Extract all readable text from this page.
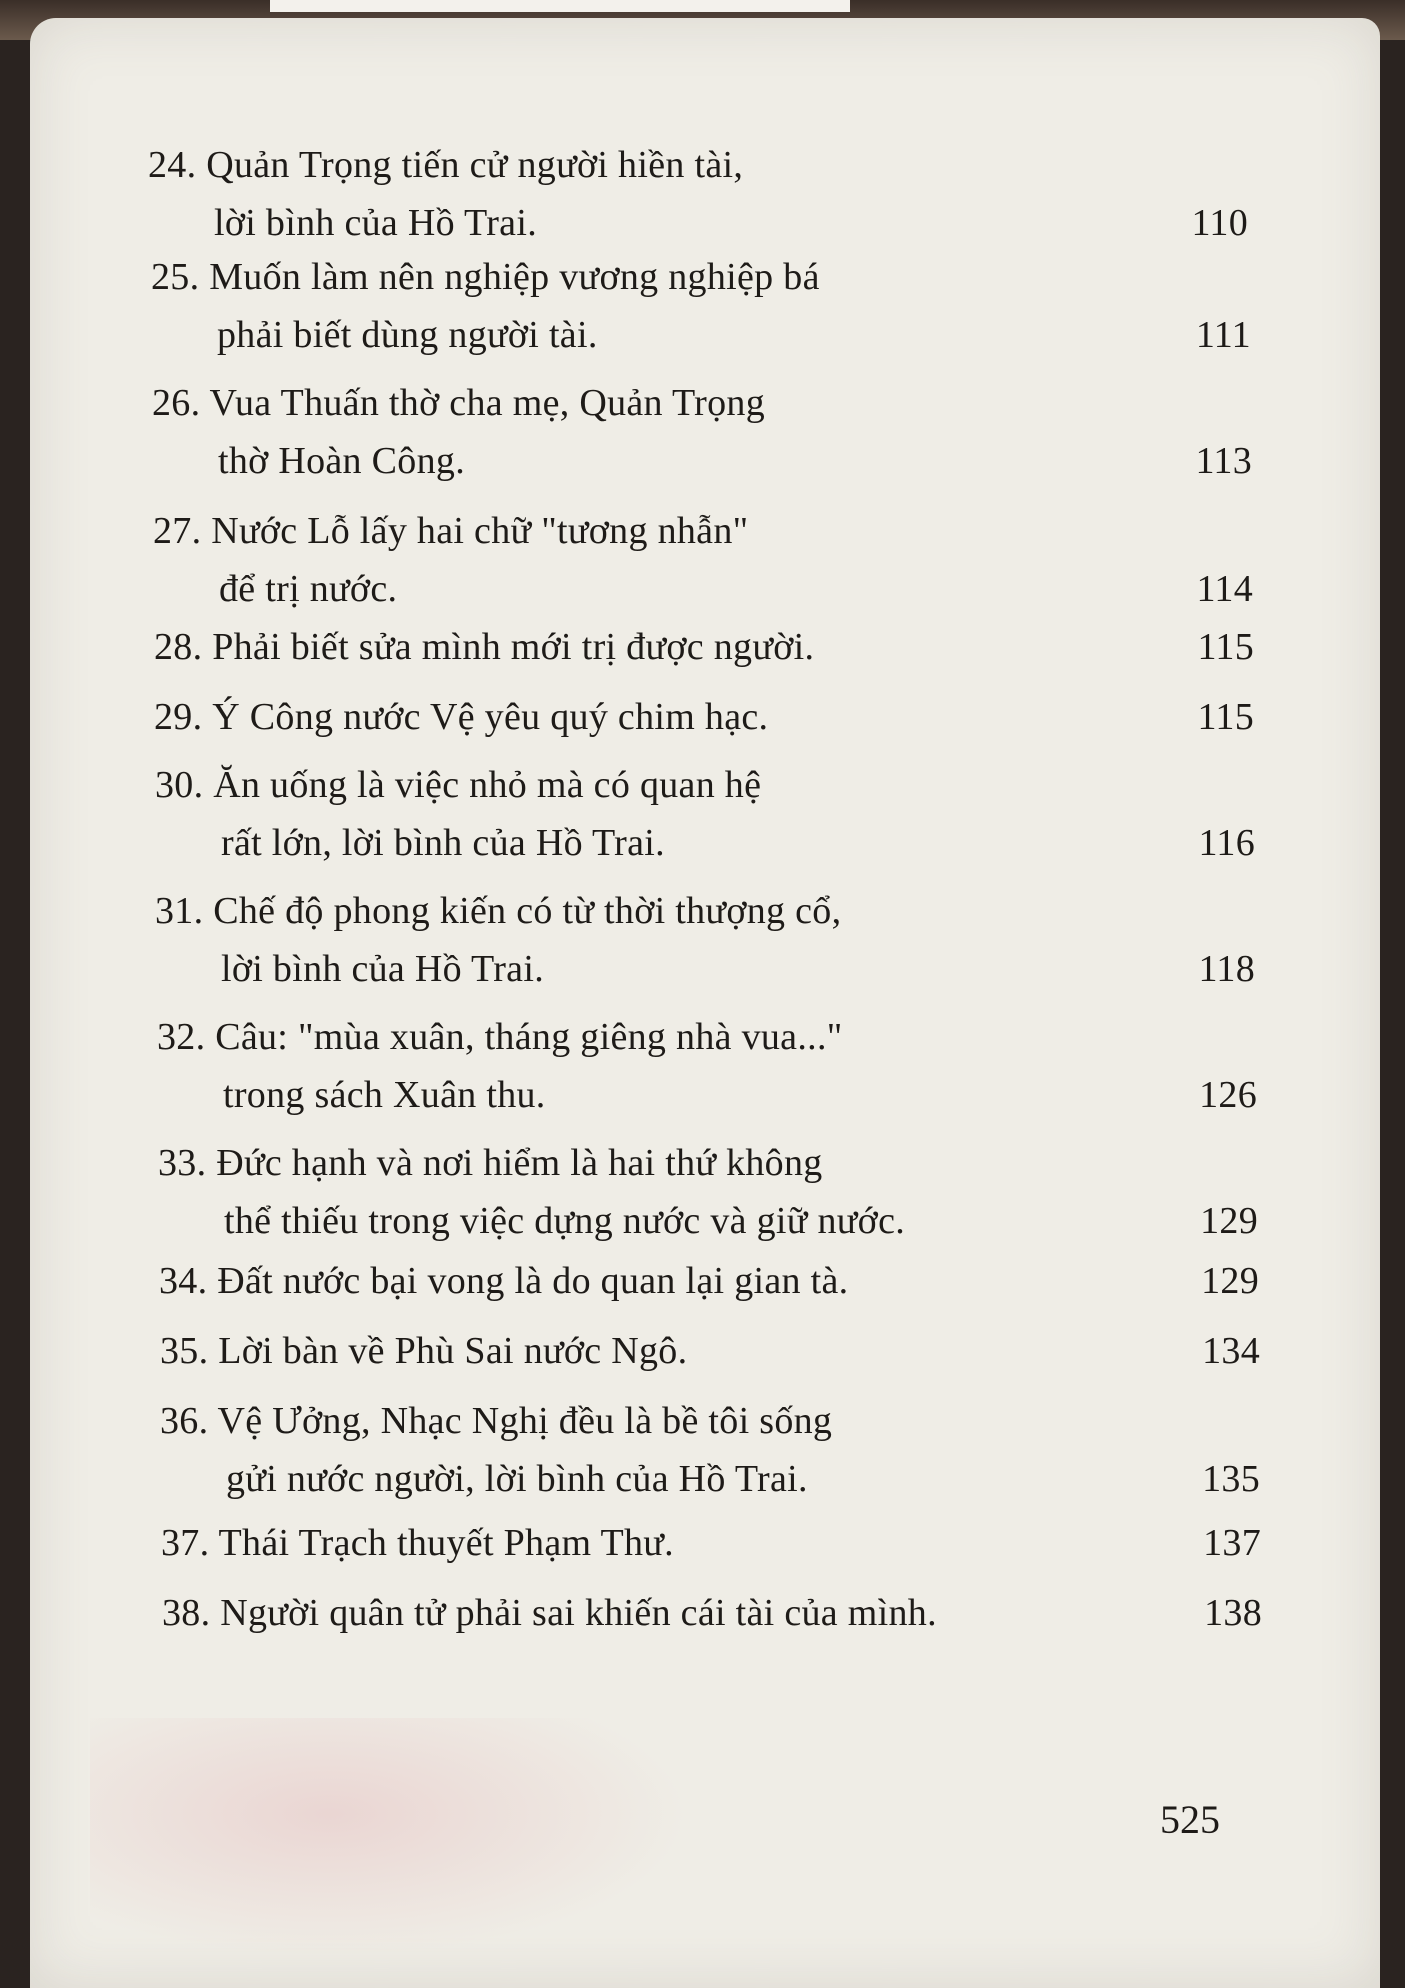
24. Quản Trọng tiến cử người hiền tài,
lời bình của Hồ Trai.	110
25. Muốn làm nên nghiệp vương nghiệp bá
phải biết dùng người tài.	111
26. Vua Thuấn thờ cha mẹ, Quản Trọng
thờ Hoàn Công.	113
27. Nước Lỗ lấy hai chữ "tương nhẫn"
để trị nước.	114
28. Phải biết sửa mình mới trị được người.	115
29. Ý Công nước Vệ yêu quý chim hạc.	115
30. Ăn uống là việc nhỏ mà có quan hệ
rất lớn, lời bình của Hồ Trai.	116
31. Chế độ phong kiến có từ thời thượng cổ,
lời bình của Hồ Trai.	118
32. Câu: "mùa xuân, tháng giêng nhà vua..."
trong sách Xuân thu.	126
33. Đức hạnh và nơi hiểm là hai thứ không
thể thiếu trong việc dựng nước và giữ nước.	129
34. Đất nước bại vong là do quan lại gian tà.	129
35. Lời bàn về Phù Sai nước Ngô.	134
36. Vệ Ưởng, Nhạc Nghị đều là bề tôi sống
gửi nước người, lời bình của Hồ Trai.	135
37. Thái Trạch thuyết Phạm Thư.	137
38. Người quân tử phải sai khiến cái tài của mình.	138
525
